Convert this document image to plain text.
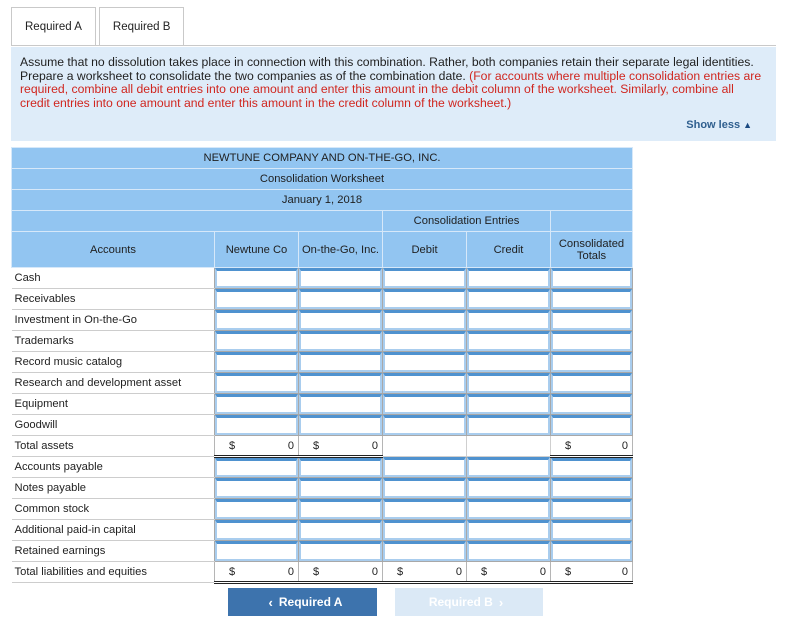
Required A	Required B
Assume that no dissolution takes place in connection with this combination. Rather, both companies retain their separate legal identities. Prepare a worksheet to consolidate the two companies as of the combination date. (For accounts where multiple consolidation entries are required, combine all debit entries into one amount and enter this amount in the debit column of the worksheet. Similarly, combine all credit entries into one amount and enter this amount in the credit column of the worksheet.)
Show less ▲
NEWTUNE COMPANY AND ON-THE-GO, INC.					
Consolidation Worksheet					
January 1, 2018					
			Consolidation Entries		
Accounts	Newtune Co	On-the-Go, Inc.	Debit	Credit	Consolidated Totals
Cash	

Receivables	

Investment in On-the-Go	

Trademarks	

Record music catalog	

Research and development asset	

Equipment	

Goodwill	

Total assets	$ 0	$ 0			$ 0

Accounts payable	

Notes payable	

Common stock	

Additional paid-in capital	

Retained earnings	

Total liabilities and equities	$ 0	$ 0	$ 0	$ 0	$ 0
‹ Required A	Required B ›
